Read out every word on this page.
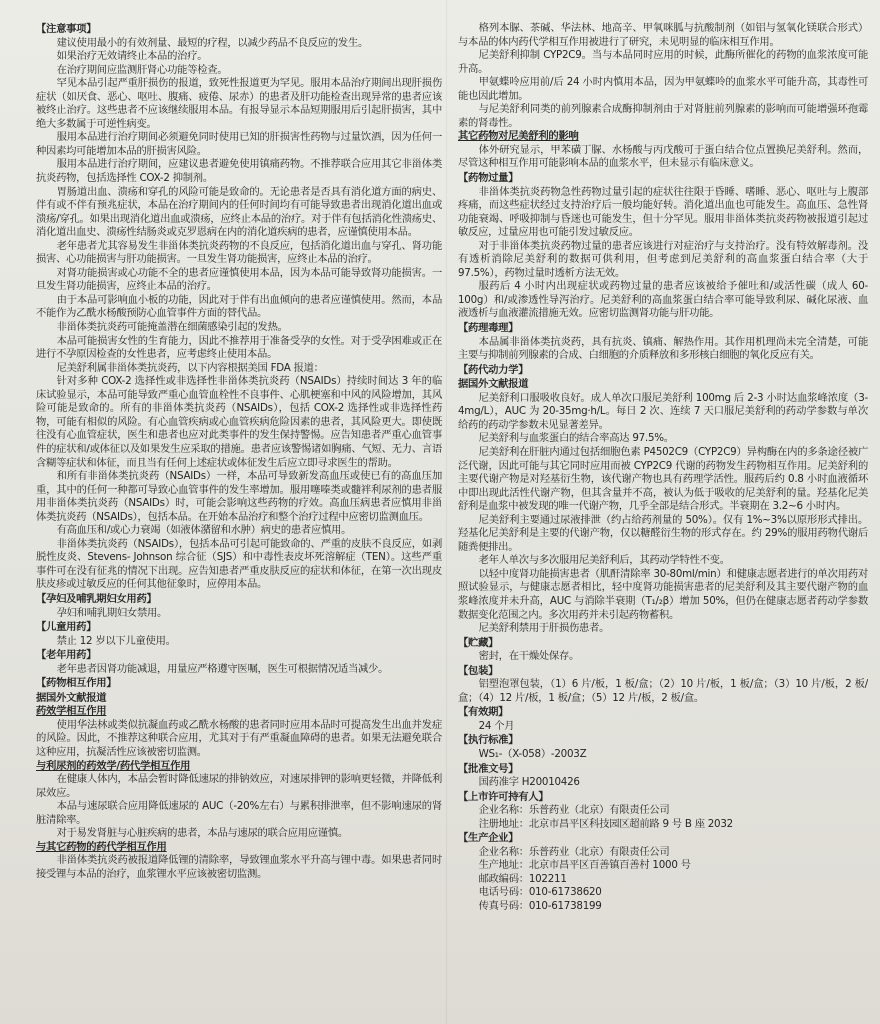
【注意事项】

建议使用最小的有效剂量、最短的疗程，以减少药品不良反应的发生。

如果治疗无效请终止本品的治疗。

在治疗期间应监测肝肾心功能等检查。

罕见本品引起严重肝损伤的报道，致死性报道更为罕见。服用本品治疗期间出现肝损伤症状（如厌食、恶心、呕吐、腹痛、疲倦、尿赤）的患者及肝功能检查出现异常的患者应该被终止治疗。这些患者不应该继续服用本品。有报导显示本品短期服用后引起肝损害，其中绝大多数属于可逆性病变。

服用本品进行治疗期间必须避免同时使用已知的肝损害性药物与过量饮酒，因为任何一种因素均可能增加本品的肝损害风险。

服用本品进行治疗期间，应建议患者避免使用镇痛药物。不推荐联合应用其它非甾体类抗炎药物，包括选择性 COX-2 抑制剂。

胃肠道出血、溃疡和穿孔的风险可能是致命的。无论患者是否具有消化道方面的病史、伴有或不伴有预兆症状，本品在治疗期间内的任何时间均有可能导致患者出现消化道出血或溃疡/穿孔。如果出现消化道出血或溃疡，应终止本品的治疗。对于伴有包括消化性溃疡史、消化道出血史、溃疡性结肠炎或克罗恩病在内的消化道疾病的患者，应谨慎使用本品。

老年患者尤其容易发生非甾体类抗炎药物的不良反应，包括消化道出血与穿孔、肾功能损害、心功能损害与肝功能损害。一旦发生肾功能损害，应终止本品的治疗。

对肾功能损害或心功能不全的患者应谨慎使用本品，因为本品可能导致肾功能损害。一旦发生肾功能损害，应终止本品的治疗。

由于本品可影响血小板的功能，因此对于伴有出血倾向的患者应谨慎使用。然而，本品不能作为乙酰水杨酸预防心血管事件方面的替代品。

非甾体类抗炎药可能掩盖潜在细菌感染引起的发热。

本品可能损害女性的生育能力，因此不推荐用于准备受孕的女性。对于受孕困难或正在进行不孕原因检查的女性患者，应考虑终止使用本品。

尼美舒利属非甾体类抗炎药，以下内容根据美国 FDA 报道：

针对多种 COX-2 选择性或非选择性非甾体类抗炎药（NSAIDs）持续时间达 3 年的临床试验显示，本品可能导致严重心血管血栓性不良事件、心肌梗塞和中风的风险增加，其风险可能是致命的。所有的非甾体类抗炎药（NSAIDs），包括 COX-2 选择性或非选择性药物，可能有相似的风险。有心血管疾病或心血管疾病危险因素的患者，其风险更大。即使既往没有心血管症状，医生和患者也应对此类事件的发生保持警惕。应告知患者严重心血管事件的症状和/或体征以及如果发生应采取的措施。患者应该警惕诸如胸痛、气短、无力、言语含糊等症状和体征，而且当有任何上述症状或体征发生后应立即寻求医生的帮助。

和所有非甾体类抗炎药（NSAIDs）一样，本品可导致新发高血压或使已有的高血压加重，其中的任何一种都可导致心血管事件的发生率增加。服用噻嗪类或髓袢利尿剂的患者服用非甾体类抗炎药（NSAIDs）时，可能会影响这些药物的疗效。高血压病患者应慎用非甾体类抗炎药（NSAIDs），包括本品。在开始本品治疗和整个治疗过程中应密切监测血压。

有高血压和/或心力衰竭（如液体潴留和水肿）病史的患者应慎用。

非甾体类抗炎药（NSAIDs），包括本品可引起可能致命的、严重的皮肤不良反应，如剥脱性皮炎、Stevens- Johnson 综合征（SJS）和中毒性表皮坏死溶解症（TEN）。这些严重事件可在没有征兆的情况下出现。应告知患者严重皮肤反应的症状和体征，在第一次出现皮肤皮疹或过敏反应的任何其他征象时，应停用本品。

【孕妇及哺乳期妇女用药】

孕妇和哺乳期妇女禁用。

【儿童用药】

禁止 12 岁以下儿童使用。

【老年用药】

老年患者因肾功能减退，用量应严格遵守医嘱，医生可根据情况适当减少。

【药物相互作用】
据国外文献报道
药效学相互作用

使用华法林或类似抗凝血药或乙酰水杨酸的患者同时应用本品时可提高发生出血并发症的风险。因此，不推荐这种联合应用，尤其对于有严重凝血障碍的患者。如果无法避免联合这种应用，抗凝活性应该被密切监测。

与利尿剂的药效学/药代学相互作用

在健康人体内，本品会暂时降低速尿的排钠效应，对速尿排钾的影响更轻微，并降低利尿效应。

本品与速尿联合应用降低速尿的 AUC（-20%左右）与累积排泄率，但不影响速尿的肾脏清除率。

对于易发肾脏与心脏疾病的患者，本品与速尿的联合应用应谨慎。

与其它药物的药代学相互作用

非甾体类抗炎药被报道降低锂的清除率，导致锂血浆水平升高与锂中毒。如果患者同时接受锂与本品的治疗，血浆锂水平应该被密切监测。

格列本脲、茶碱、华法林、地高辛、甲氧咪胍与抗酸制剂（如铝与氢氧化镁联合形式）与本品的体内药代学相互作用被进行了研究，未见明显的临床相互作用。

尼美舒利抑制 CYP2C9。当与本品同时应用的时候，此酶所催化的药物的血浆浓度可能升高。

甲氨蝶呤应用前/后 24 小时内慎用本品，因为甲氨蝶呤的血浆水平可能升高，其毒性可能也因此增加。

与尼美舒利同类的前列腺素合成酶抑制剂由于对肾脏前列腺素的影响而可能增强环孢霉素的肾毒性。

其它药物对尼美舒利的影响

体外研究显示，甲苯磺丁脲、水杨酸与丙戊酸可于蛋白结合位点置换尼美舒利。然而，尽管这种相互作用可能影响本品的血浆水平，但未显示有临床意义。

【药物过量】

非甾体类抗炎药物急性药物过量引起的症状往往限于昏睡、嗜睡、恶心、呕吐与上腹部疼痛，而这些症状经过支持治疗后一般均能好转。消化道出血也可能发生。高血压、急性肾功能衰竭、呼吸抑制与昏迷也可能发生，但十分罕见。服用非甾体类抗炎药物被报道引起过敏反应，过量应用也可能引发过敏反应。

对于非甾体类抗炎药物过量的患者应该进行对症治疗与支持治疗。没有特效解毒剂。没有透析消除尼美舒利的数据可供利用，但考虑到尼美舒利的高血浆蛋白结合率（大于 97.5%），药物过量时透析方法无效。

服药后 4 小时内出现症状或药物过量的患者应该被给予催吐和/或活性碳（成人 60-100g）和/或渗透性导泻治疗。尼美舒利的高血浆蛋白结合率可能导致利尿、碱化尿液、血液透析与血液灌流措施无效。应密切监测肾功能与肝功能。

【药理毒理】

本品属非甾体类抗炎药，具有抗炎、镇痛、解热作用。其作用机理尚未完全清楚，可能主要与抑制前列腺素的合成、白细胞的介质释放和多形核白细胞的氧化反应有关。

【药代动力学】
据国外文献报道

尼美舒利口服吸收良好。成人单次口服尼美舒利 100mg 后 2-3 小时达血浆峰浓度（3-4mg/L），AUC 为 20-35mg·h/L。每日 2 次、连续 7 天口服尼美舒利的药动学参数与单次给药的药动学参数未见显著差异。

尼美舒利与血浆蛋白的结合率高达 97.5%。

尼美舒利在肝脏内通过包括细胞色素 P4502C9（CYP2C9）异构酶在内的多条途径被广泛代谢，因此可能与其它同时应用而被 CYP2C9 代谢的药物发生药物相互作用。尼美舒利的主要代谢产物是对羟基衍生物，该代谢产物也具有药理学活性。服药后约 0.8 小时血液循环中即出现此活性代谢产物，但其含量并不高，被认为低于吸收的尼美舒利的量。羟基化尼美舒利是血浆中被发现的唯一代谢产物，几乎全部是结合形式。半衰期在 3.2~6 小时内。

尼美舒利主要通过尿液排泄（约占给药剂量的 50%）。仅有 1%~3%以原形形式排出。羟基化尼美舒利是主要的代谢产物，仅以糖醛衍生物的形式存在。约 29%的服用药物代谢后随粪便排出。

老年人单次与多次服用尼美舒利后，其药动学特性不变。

以轻中度肾功能损害患者（肌酐清除率 30-80ml/min）和健康志愿者进行的单次用药对照试验显示，与健康志愿者相比，轻中度肾功能损害患者的尼美舒利及其主要代谢产物的血浆峰浓度并未升高，AUC 与消除半衰期（T₁/₂β）增加 50%，但仍在健康志愿者药动学参数数据变化范围之内。多次用药并未引起药物蓄积。

尼美舒利禁用于肝损伤患者。

【贮藏】

密封，在干燥处保存。

【包装】

铝塑泡罩包装，（1）6 片/板，1 板/盒；（2）10 片/板，1 板/盒；（3）10 片/板，2 板/盒；（4）12 片/板，1 板/盒；（5）12 片/板，2 板/盒。

【有效期】

24 个月

【执行标准】

WS₁-（X-058）-2003Z

【批准文号】

国药准字 H20010426

【上市许可持有人】
企业名称：乐普药业（北京）有限责任公司
注册地址：北京市昌平区科技园区超前路 9 号 B 座 2032
【生产企业】
企业名称：乐普药业（北京）有限责任公司
生产地址：北京市昌平区百善镇百善村 1000 号
邮政编码：102211
电话号码：010-61738620
传真号码：010-61738199
